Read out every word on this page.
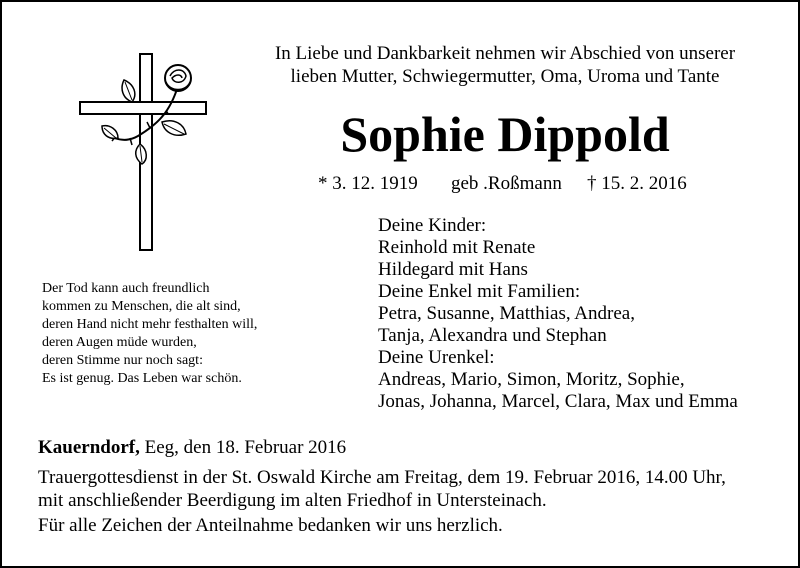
In Liebe und Dankbarkeit nehmen wir Abschied von unserer
lieben Mutter, Schwiegermutter, Oma, Uroma und Tante
Sophie Dippold
* 3. 12. 1919 geb .Roßmann † 15. 2. 2016
Deine Kinder:
Reinhold mit Renate
Hildegard mit Hans
Deine Enkel mit Familien:
Petra, Susanne, Matthias, Andrea,
Tanja, Alexandra und Stephan
Deine Urenkel:
Andreas, Mario, Simon, Moritz, Sophie,
Jonas, Johanna, Marcel, Clara, Max und Emma
Der Tod kann auch freundlich
kommen zu Menschen, die alt sind,
deren Hand nicht mehr festhalten will,
deren Augen müde wurden,
deren Stimme nur noch sagt:
Es ist genug. Das Leben war schön.
Kauerndorf, Eeg, den 18. Februar 2016
Trauergottesdienst in der St. Oswald Kirche am Freitag, dem 19. Februar 2016, 14.00 Uhr,
mit anschließender Beerdigung im alten Friedhof in Untersteinach.
Für alle Zeichen der Anteilnahme bedanken wir uns herzlich.
